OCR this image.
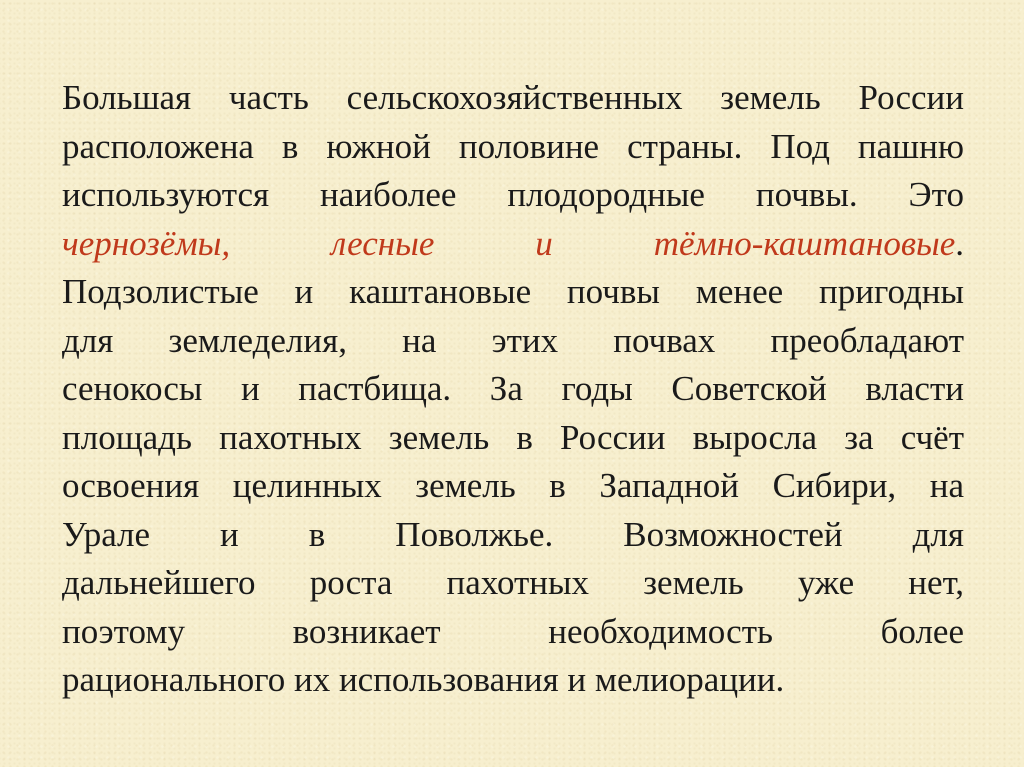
Большая часть сельскохозяйственных земель России
расположена в южной половине страны. Под пашню
используются наиболее плодородные почвы. Это
чернозёмы,	лесные	и	тёмно-каштановые.
Подзолистые и каштановые почвы менее пригодны
для земледелия, на этих почвах преобладают
сенокосы и пастбища. За годы Советской власти
площадь пахотных земель в России выросла за счёт
освоения целинных земель в Западной Сибири, на
Урале и в Поволжье. Возможностей для
дальнейшего роста пахотных земель уже нет,
поэтому возникает необходимость более
рационального их использования и мелиорации.
